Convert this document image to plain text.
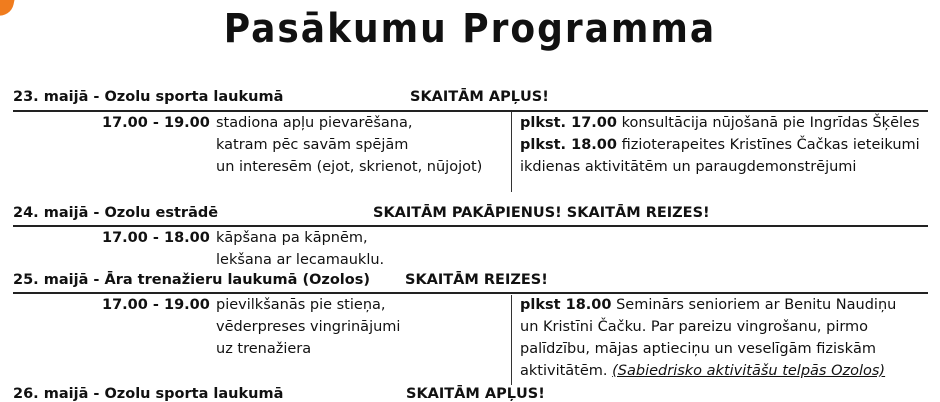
Pasākumu Programma
23. maijā - Ozolu sporta laukumā	SKAITĀM APĻUS!
17.00 - 19.00 stadiona apļu pievarēšana,
katram pēc savām spējām
un interesēm (ejot, skrienot, nūjojot)
plkst. 17.00 konsultācija nūjošanā pie Ingrīdas Šķēles
plkst. 18.00 fizioterapeites Kristīnes Čačkas ieteikumi
ikdienas aktivitātēm un paraugdemonstrējumi
24. maijā - Ozolu estrādē	SKAITĀM PAKĀPIENUS! SKAITĀM REIZES!
17.00 - 18.00 kāpšana pa kāpnēm,
lekšana ar lecamauklu.
25. maijā - Āra trenažieru laukumā (Ozolos) SKAITĀM REIZES!
17.00 - 19.00 pievilkšanās pie stieņa,
vēderpreses vingrinājumi
uz trenažiera
plkst 18.00 Seminārs senioriem ar Benitu Naudiņu
un Kristīni Čačku. Par pareizu vingrošanu, pirmo
palīdzību, mājas aptieciņu un veselīgām fiziskām
aktivitātēm. (Sabiedrisko aktivitāšu telpās Ozolos)
26. maijā - Ozolu sporta laukumā	SKAITĀM APĻUS!
